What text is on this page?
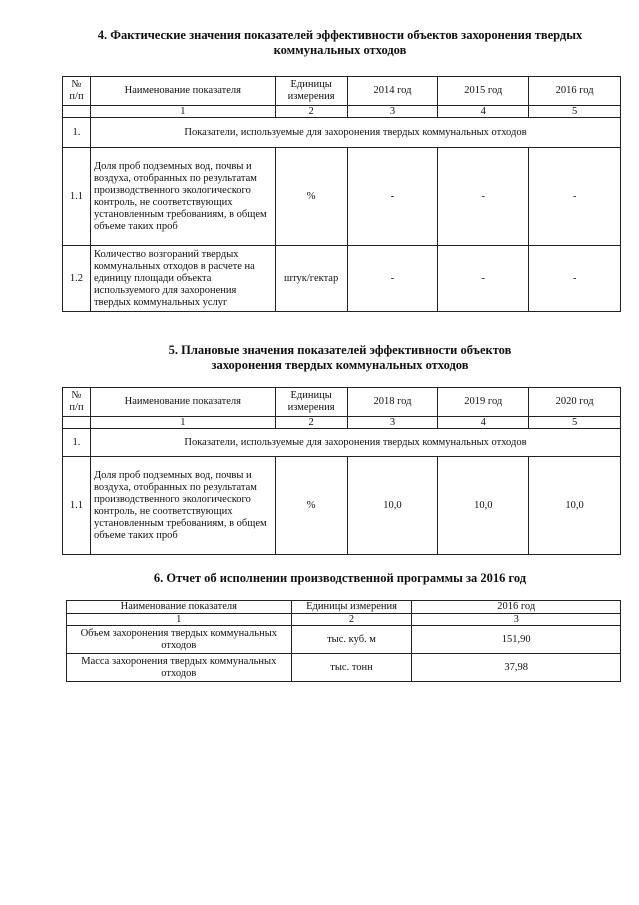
4. Фактические значения показателей эффективности объектов захоронения твердых
коммунальных отходов
№ п/п	Наименование показателя	Единицы измерения	2014 год	2015 год	2016 год
	1	2	3	4	5
1.	Показатели, используемые для захоронения твердых коммунальных отходов				
1.1	Доля проб подземных вод, почвы и воздуха, отобранных по результатам производственного экологического контроль, не соответствующих установленным требованиям, в общем объеме таких проб	%	-	-	-
1.2	Количество возгораний твердых коммунальных отходов в расчете на единицу площади объекта используемого для захоронения твердых коммунальных услуг	штук/гектар	-	-	-
5. Плановые значения показателей эффективности объектов
захоронения твердых коммунальных отходов
№ п/п	Наименование показателя	Единицы измерения	2018 год	2019 год	2020 год
	1	2	3	4	5
1.	Показатели, используемые для захоронения твердых коммунальных отходов				
1.1	Доля проб подземных вод, почвы и воздуха, отобранных по результатам производственного экологического контроль, не соответствующих установленным требованиям, в общем объеме таких проб	%	10,0	10,0	10,0
6. Отчет об исполнении производственной программы за 2016 год
Наименование показателя	Единицы измерения	2016 год
1	2	3
Объем захоронения твердых коммунальных отходов	тыс. куб. м	151,90
Масса захоронения твердых коммунальных отходов	тыс. тонн	37,98
